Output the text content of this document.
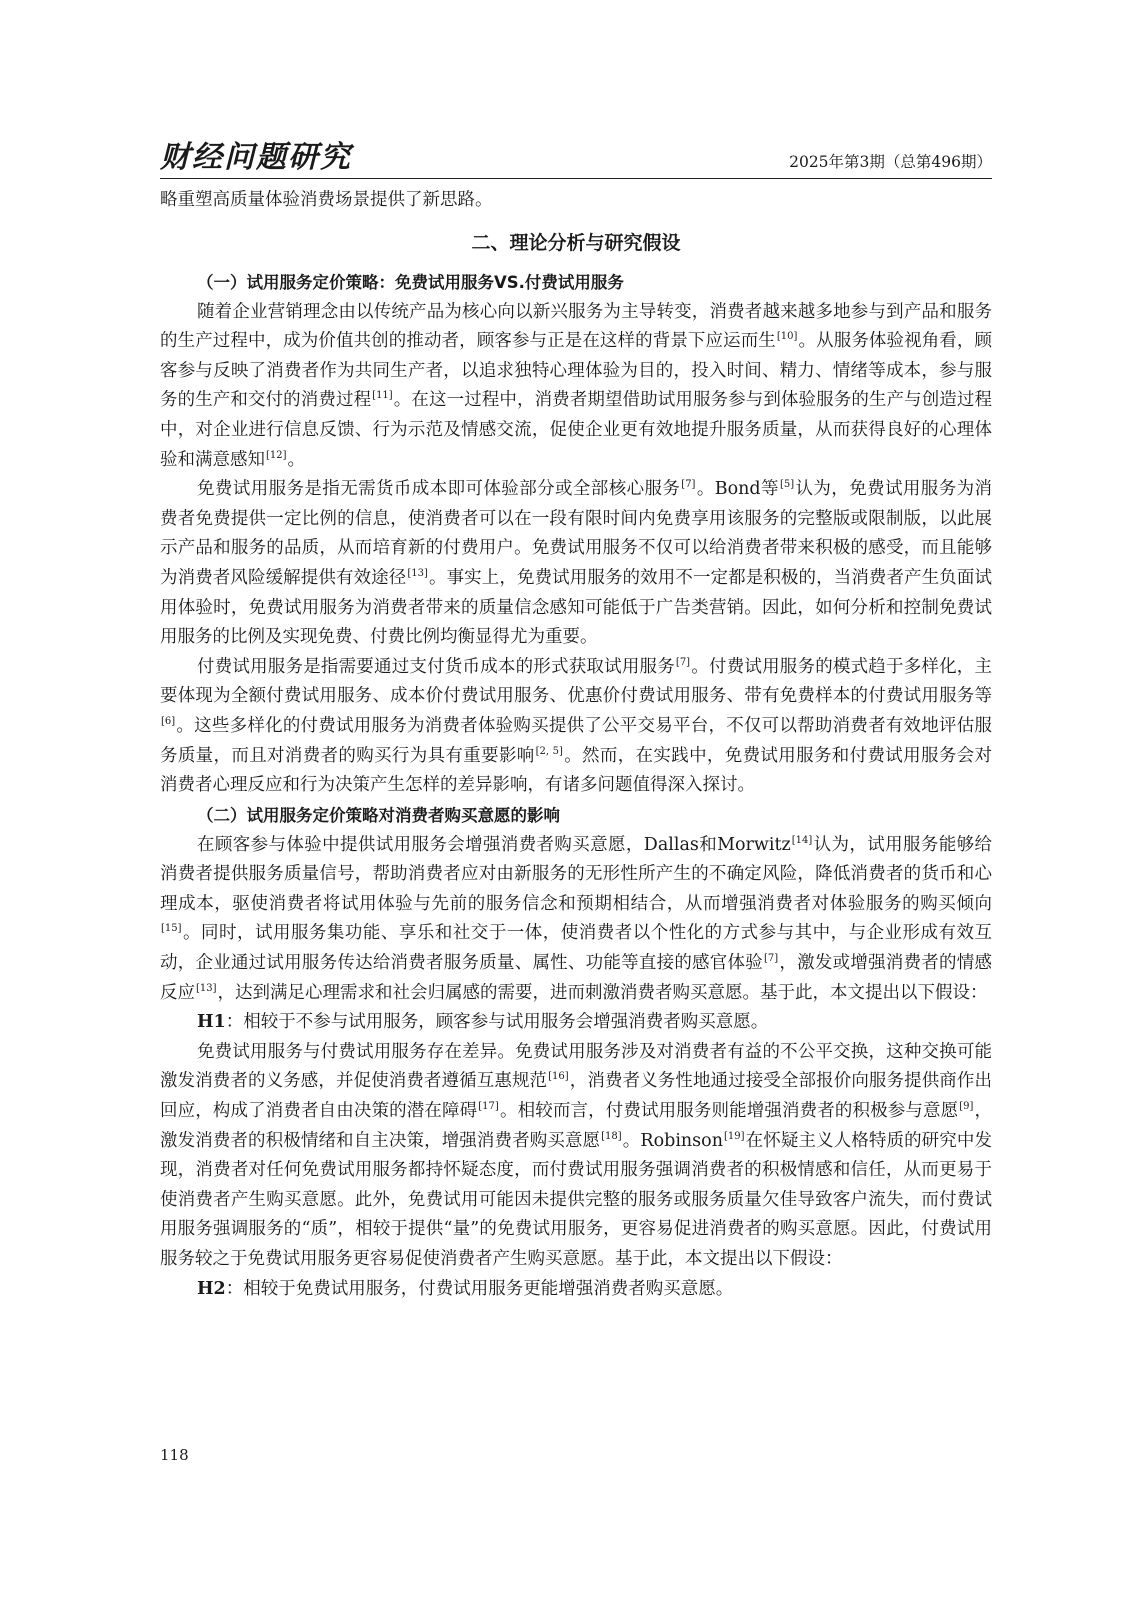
财经问题研究	2025年第3期（总第496期）

略重塑高质量体验消费场景提供了新思路。

二、理论分析与研究假设
（一）试用服务定价策略：免费试用服务VS.付费试用服务

随着企业营销理念由以传统产品为核心向以新兴服务为主导转变，消费者越来越多地参与到产品和服务的生产过程中，成为价值共创的推动者，顾客参与正是在这样的背景下应运而生[10]。从服务体验视角看，顾客参与反映了消费者作为共同生产者，以追求独特心理体验为目的，投入时间、精力、情绪等成本，参与服务的生产和交付的消费过程[11]。在这一过程中，消费者期望借助试用服务参与到体验服务的生产与创造过程中，对企业进行信息反馈、行为示范及情感交流，促使企业更有效地提升服务质量，从而获得良好的心理体验和满意感知[12]。

免费试用服务是指无需货币成本即可体验部分或全部核心服务[7]。Bond等[5]认为，免费试用服务为消费者免费提供一定比例的信息，使消费者可以在一段有限时间内免费享用该服务的完整版或限制版，以此展示产品和服务的品质，从而培育新的付费用户。免费试用服务不仅可以给消费者带来积极的感受，而且能够为消费者风险缓解提供有效途径[13]。事实上，免费试用服务的效用不一定都是积极的，当消费者产生负面试用体验时，免费试用服务为消费者带来的质量信念感知可能低于广告类营销。因此，如何分析和控制免费试用服务的比例及实现免费、付费比例均衡显得尤为重要。

付费试用服务是指需要通过支付货币成本的形式获取试用服务[7]。付费试用服务的模式趋于多样化，主要体现为全额付费试用服务、成本价付费试用服务、优惠价付费试用服务、带有免费样本的付费试用服务等[6]。这些多样化的付费试用服务为消费者体验购买提供了公平交易平台，不仅可以帮助消费者有效地评估服务质量，而且对消费者的购买行为具有重要影响[2, 5]。然而，在实践中，免费试用服务和付费试用服务会对消费者心理反应和行为决策产生怎样的差异影响，有诸多问题值得深入探讨。

（二）试用服务定价策略对消费者购买意愿的影响

在顾客参与体验中提供试用服务会增强消费者购买意愿，Dallas和Morwitz[14]认为，试用服务能够给消费者提供服务质量信号，帮助消费者应对由新服务的无形性所产生的不确定风险，降低消费者的货币和心理成本，驱使消费者将试用体验与先前的服务信念和预期相结合，从而增强消费者对体验服务的购买倾向[15]。同时，试用服务集功能、享乐和社交于一体，使消费者以个性化的方式参与其中，与企业形成有效互动，企业通过试用服务传达给消费者服务质量、属性、功能等直接的感官体验[7]，激发或增强消费者的情感反应[13]，达到满足心理需求和社会归属感的需要，进而刺激消费者购买意愿。基于此，本文提出以下假设：

H1：相较于不参与试用服务，顾客参与试用服务会增强消费者购买意愿。

免费试用服务与付费试用服务存在差异。免费试用服务涉及对消费者有益的不公平交换，这种交换可能激发消费者的义务感，并促使消费者遵循互惠规范[16]，消费者义务性地通过接受全部报价向服务提供商作出回应，构成了消费者自由决策的潜在障碍[17]。相较而言，付费试用服务则能增强消费者的积极参与意愿[9]，激发消费者的积极情绪和自主决策，增强消费者购买意愿[18]。Robinson[19]在怀疑主义人格特质的研究中发现，消费者对任何免费试用服务都持怀疑态度，而付费试用服务强调消费者的积极情感和信任，从而更易于使消费者产生购买意愿。此外，免费试用可能因未提供完整的服务或服务质量欠佳导致客户流失，而付费试用服务强调服务的“质”，相较于提供“量”的免费试用服务，更容易促进消费者的购买意愿。因此，付费试用服务较之于免费试用服务更容易促使消费者产生购买意愿。基于此，本文提出以下假设：

H2：相较于免费试用服务，付费试用服务更能增强消费者购买意愿。

118
